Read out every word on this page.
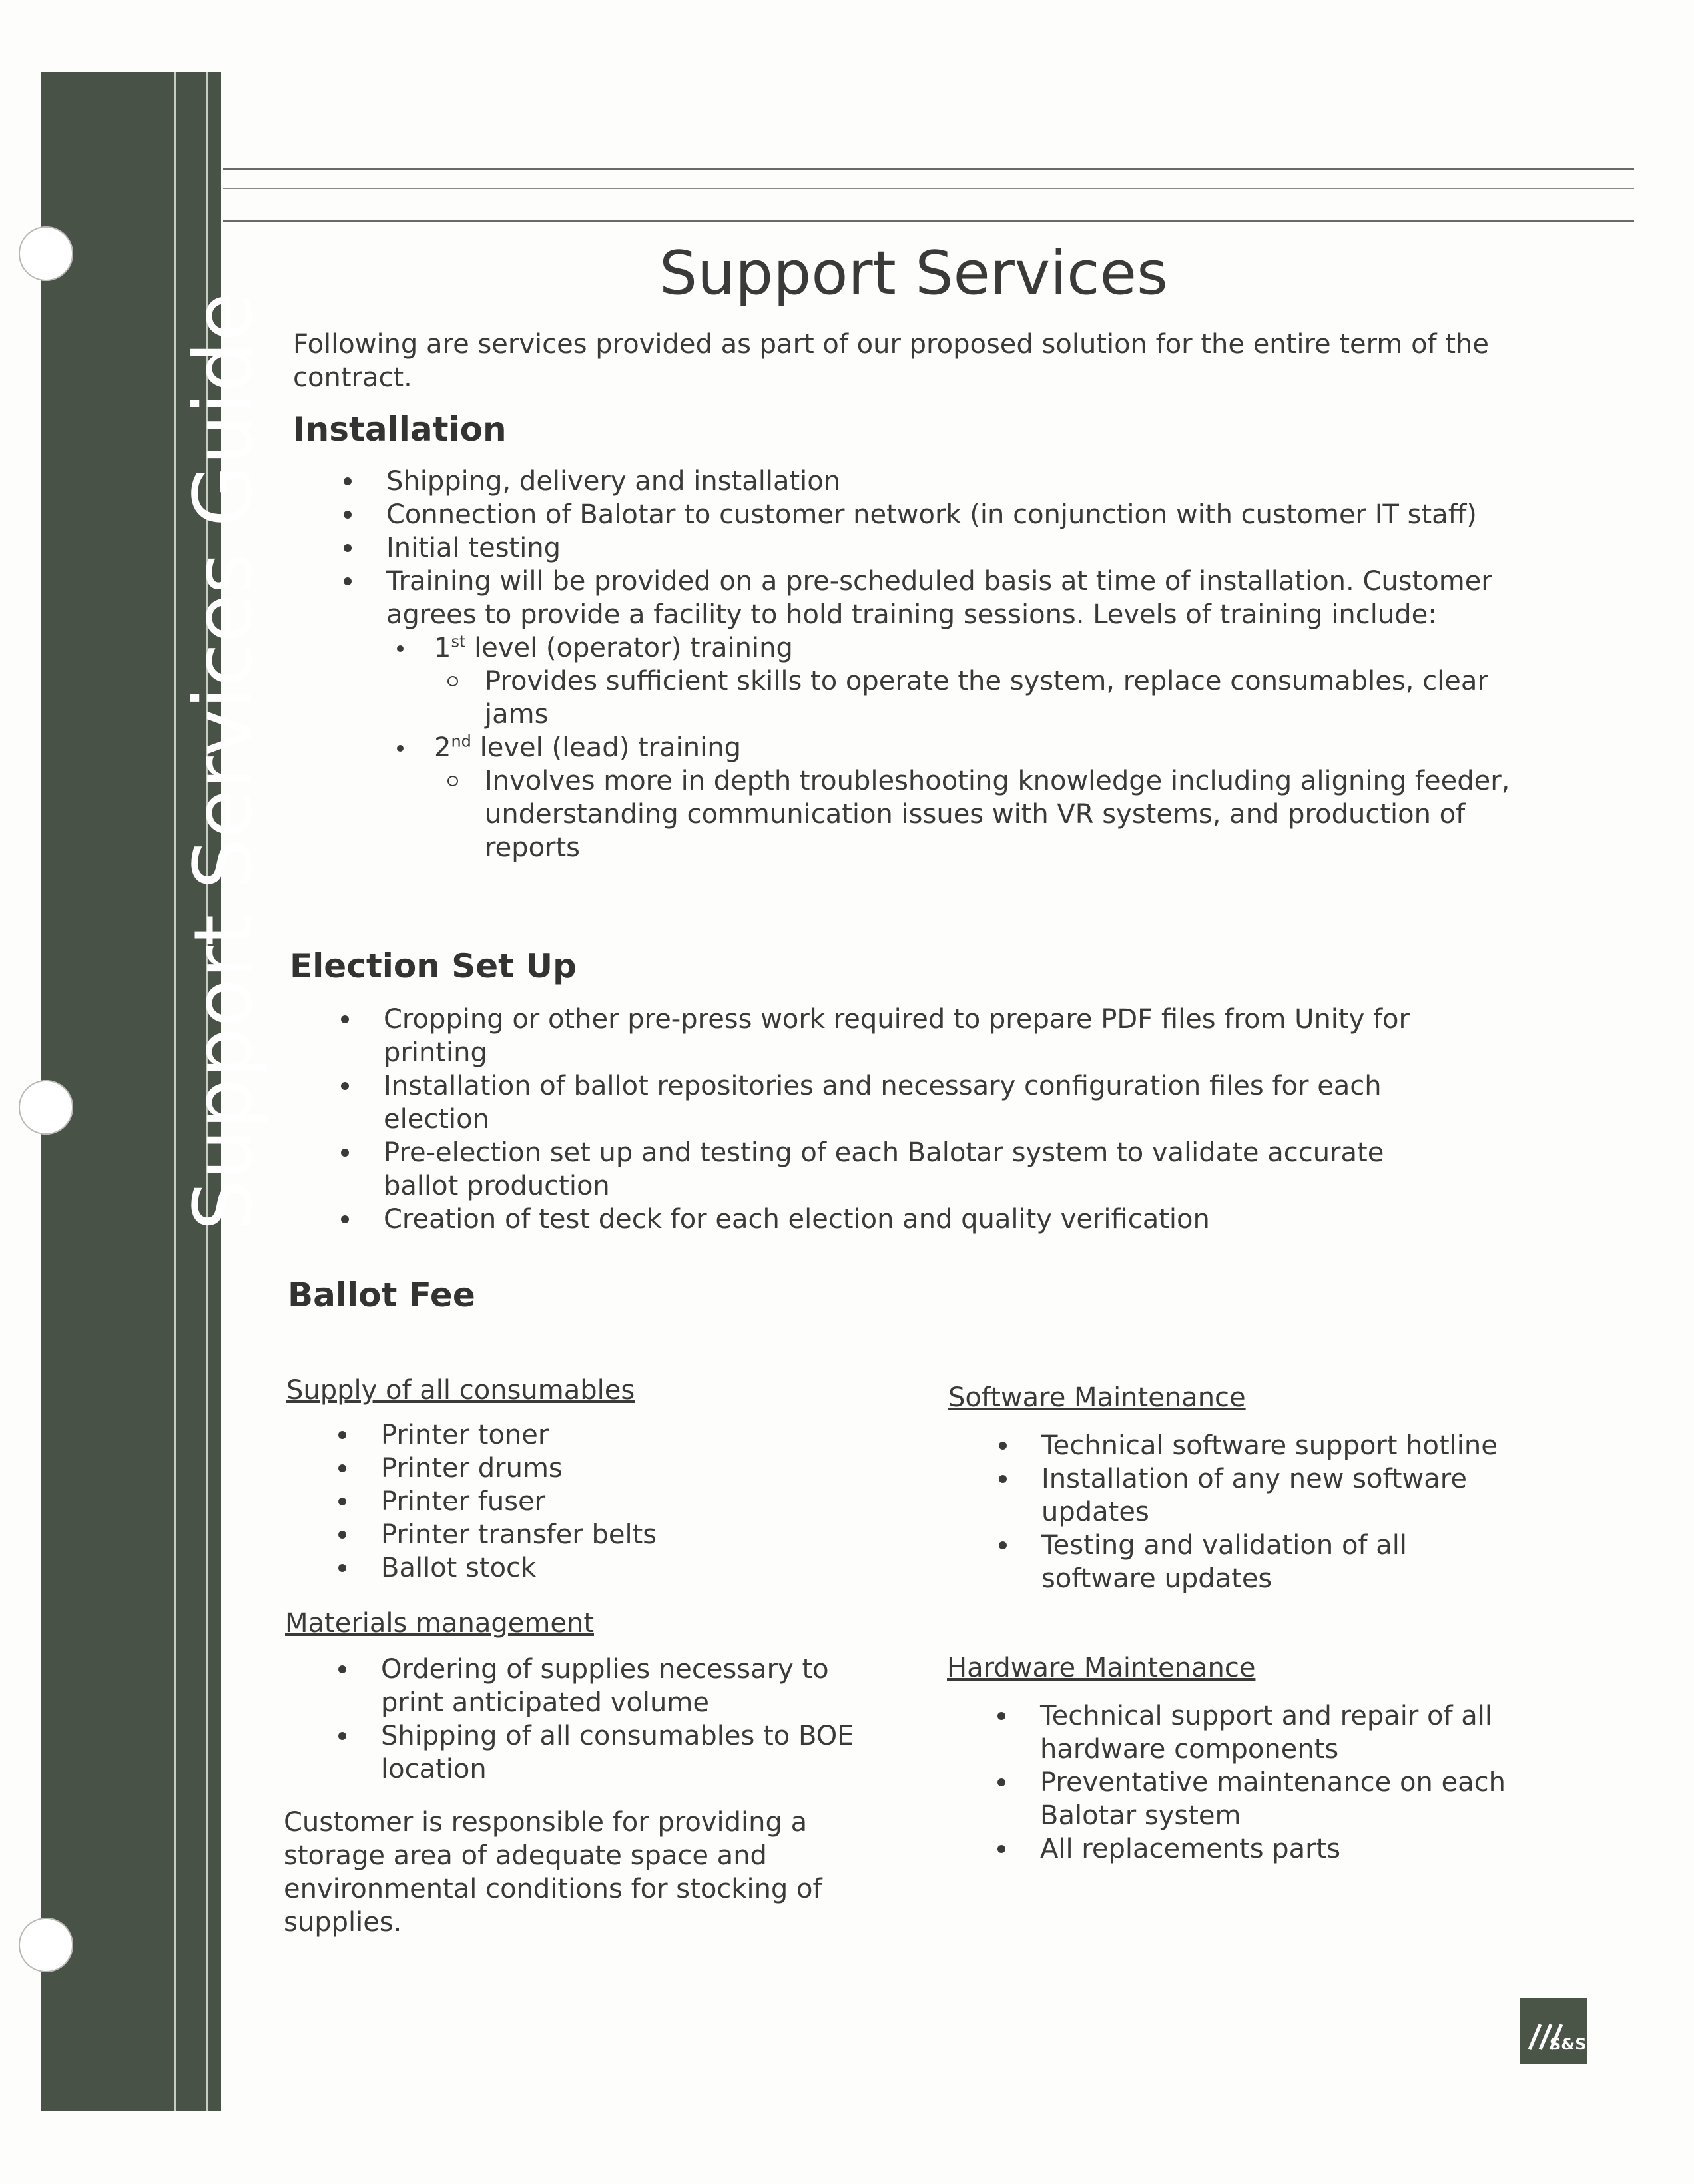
Support Services Guide
Support Services
Following are services provided as part of our proposed solution for the entire term of the contract.
Installation
Shipping, delivery and installation
Connection of Balotar to customer network (in conjunction with customer IT staff)
Initial testing
Training will be provided on a pre-scheduled basis at time of installation. Customer agrees to provide a facility to hold training sessions. Levels of training include:
1st level (operator) training
Provides sufficient skills to operate the system, replace consumables, clear jams
2nd level (lead) training
Involves more in depth troubleshooting knowledge including aligning feeder, understanding communication issues with VR systems, and production of reports
Election Set Up
Cropping or other pre-press work required to prepare PDF files from Unity for printing
Installation of ballot repositories and necessary configuration files for each election
Pre-election set up and testing of each Balotar system to validate accurate ballot production
Creation of test deck for each election and quality verification
Ballot Fee
Supply of all consumables
Printer toner
Printer drums
Printer fuser
Printer transfer belts
Ballot stock
Materials management
Ordering of supplies necessary to print anticipated volume
Shipping of all consumables to BOE location
Customer is responsible for providing a storage area of adequate space and environmental conditions for stocking of supplies.
Software Maintenance
Technical software support hotline
Installation of any new software updates
Testing and validation of all software updates
Hardware Maintenance
Technical support and repair of all hardware components
Preventative maintenance on each Balotar system
All replacements parts
S&S
